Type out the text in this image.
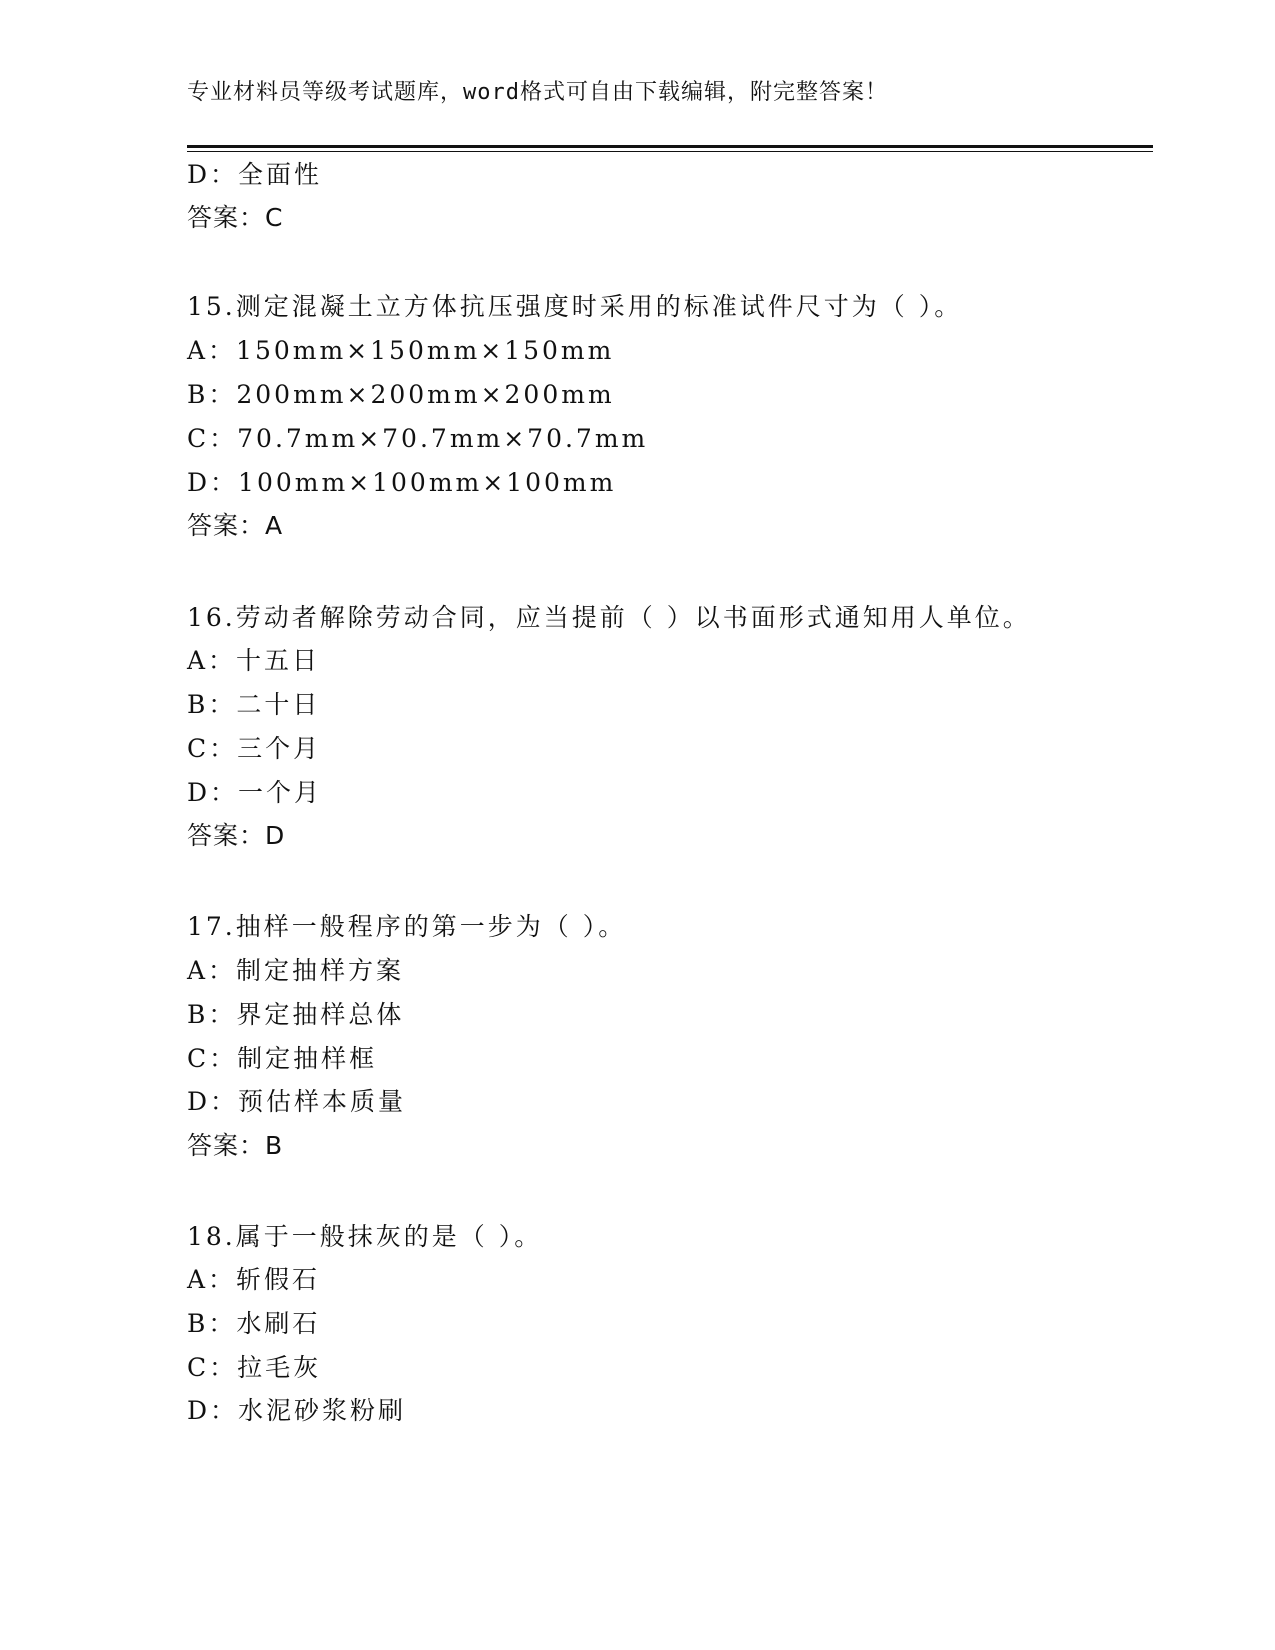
专业材料员等级考试题库，word格式可自由下载编辑，附完整答案！
D：全面性
答案：C
15.测定混凝土立方体抗压强度时采用的标准试件尺寸为（ ）。
A：150mm×150mm×150mm
B：200mm×200mm×200mm
C：70.7mm×70.7mm×70.7mm
D：100mm×100mm×100mm
答案：A
16.劳动者解除劳动合同，应当提前（ ）以书面形式通知用人单位。
A：十五日
B：二十日
C：三个月
D：一个月
答案：D
17.抽样一般程序的第一步为（ ）。
A：制定抽样方案
B：界定抽样总体
C：制定抽样框
D：预估样本质量
答案：B
18.属于一般抹灰的是（ ）。
A：斩假石
B：水刷石
C：拉毛灰
D：水泥砂浆粉刷
